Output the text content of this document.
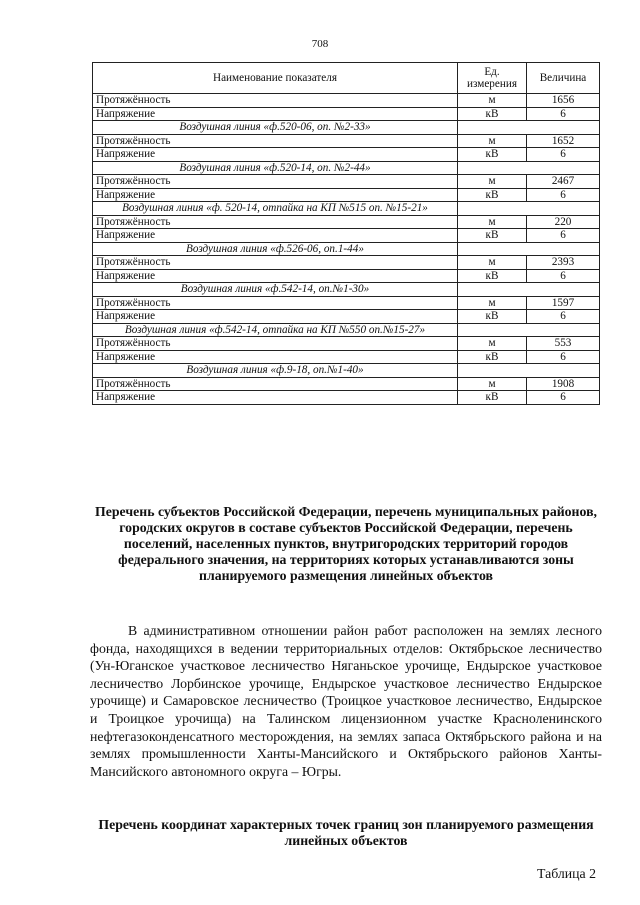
708
Наименование показателя	Ед. измерения	Величина
Протяжённость	м	1656
Напряжение	кВ	6
Воздушная линия «ф.520-06, оп. №2-33»		
Протяжённость	м	1652
Напряжение	кВ	6
Воздушная линия «ф.520-14, оп. №2-44»		
Протяжённость	м	2467
Напряжение	кВ	6
Воздушная линия «ф. 520-14, отпайка на КП №515 оп. №15-21»		
Протяжённость	м	220
Напряжение	кВ	6
Воздушная линия «ф.526-06, оп.1-44»		
Протяжённость	м	2393
Напряжение	кВ	6
Воздушная линия «ф.542-14, оп.№1-30»		
Протяжённость	м	1597
Напряжение	кВ	6
Воздушная линия «ф.542-14, отпайка на КП №550 оп.№15-27»		
Протяжённость	м	553
Напряжение	кВ	6
Воздушная линия «ф.9-18, оп.№1-40»		
Протяжённость	м	1908
Напряжение	кВ	6
Перечень субъектов Российской Федерации, перечень муниципальных районов, городских округов в составе субъектов Российской Федерации, перечень поселений, населенных пунктов, внутригородских территорий городов федерального значения, на территориях которых устанавливаются зоны планируемого размещения линейных объектов
В административном отношении район работ расположен на землях лесного фонда, находящихся в ведении территориальных отделов: Октябрьское лесничество (Ун-Юганское участковое лесничество Няганьское урочище, Ендырское участковое лесничество Лорбинское урочище, Ендырское участковое лесничество Ендырское урочище) и Самаровское лесничество (Троицкое участковое лесничество, Ендырское и Троицкое урочища) на Талинском лицензионном участке Красноленинского нефтегазоконденсатного месторождения, на землях запаса Октябрьского района и на землях промышленности Ханты-Мансийского и Октябрьского районов Ханты-Мансийского автономного округа – Югры.
Перечень координат характерных точек границ зон планируемого размещения линейных объектов
Таблица 2
